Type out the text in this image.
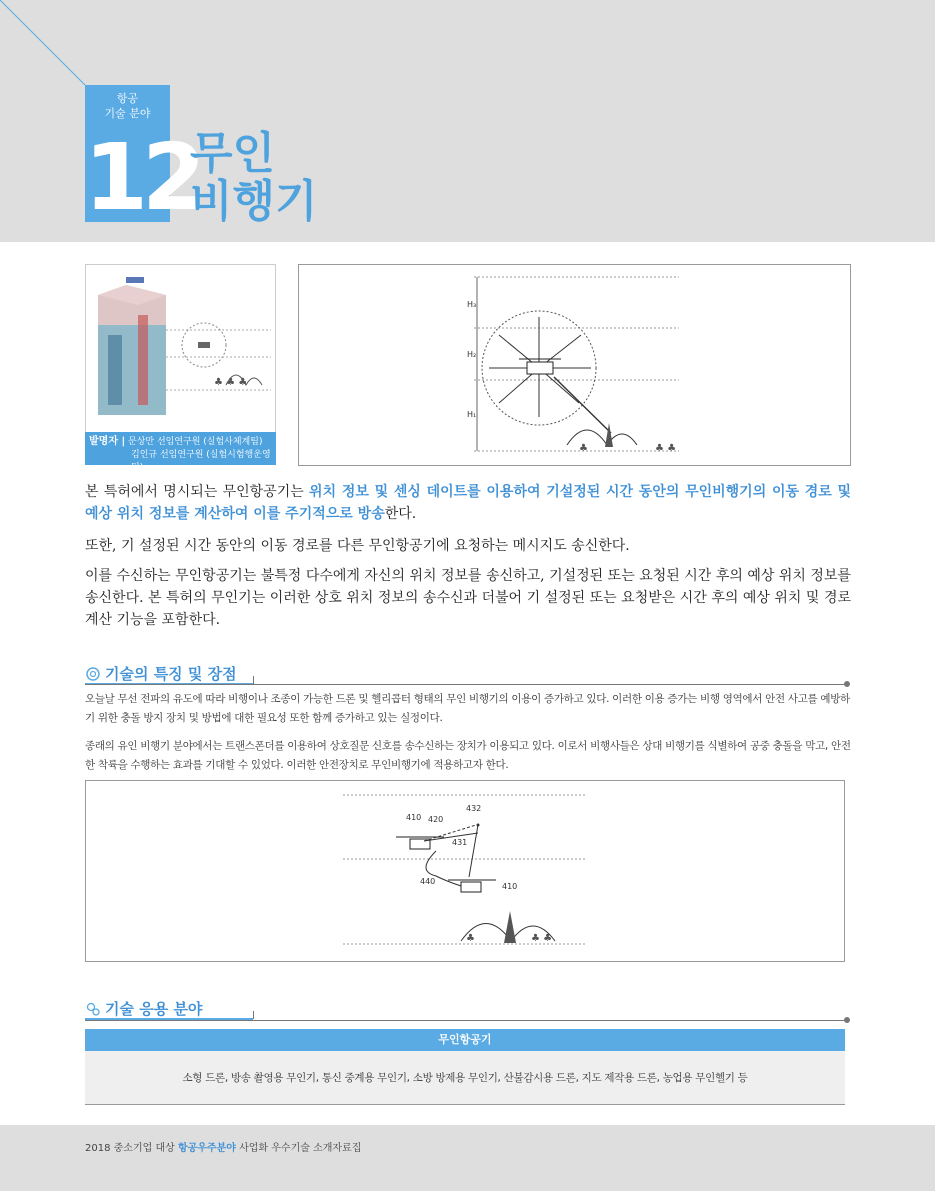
항공
기술 분야
12
무인
비행기
♣ ♣ ♣
발명자 | 문상만 선임연구원 (실험사체계팀)
김인규 선임연구원 (실험시험행운영팀)
H₃
H₂
H₁
♣	♣ ♣
본 특허에서 명시되는 무인항공기는 위치 정보 및 센싱 데이트를 이용하여 기설정된 시간 동안의 무인비행기의 이동 경로 및 예상 위치 정보를 계산하여 이를 주기적으로 방송한다.
또한, 기 설정된 시간 동안의 이동 경로를 다른 무인항공기에 요청하는 메시지도 송신한다.
이를 수신하는 무인항공기는 불특정 다수에게 자신의 위치 정보를 송신하고, 기설정된 또는 요청된 시간 후의 예상 위치 정보를 송신한다. 본 특허의 무인기는 이러한 상호 위치 정보의 송수신과 더불어 기 설정된 또는 요청받은 시간 후의 예상 위치 및 경로 계산 기능을 포함한다.
기술의 특징 및 장점
오늘날 무선 전파의 유도에 따라 비행이나 조종이 가능한 드론 및 헬리콥터 형태의 무인 비행기의 이용이 증가하고 있다. 이러한 이용 증가는 비행 영역에서 안전 사고를 예방하기 위한 충돌 방지 장치 및 방법에 대한 필요성 또한 함께 증가하고 있는 실정이다.
종래의 유인 비행기 분야에서는 트랜스폰더를 이용하여 상호질문 신호를 송수신하는 장치가 이용되고 있다. 이로서 비행사들은 상대 비행기를 식별하여 공중 충돌을 막고, 안전한 착륙을 수행하는 효과를 기대할 수 있었다. 이러한 안전장치로 무인비행기에 적용하고자 한다.
410 420
432
431
440
410
♣	♣ ♣
기술 응용 분야
무인항공기
소형 드론, 방송 촬영용 무인기, 통신 중계용 무인기, 소방 방제용 무인기, 산불감시용 드론, 지도 제작용 드론, 농업용 무인헬기 등
2018 중소기업 대상 항공우주분야 사업화 우수기술 소개자료집
